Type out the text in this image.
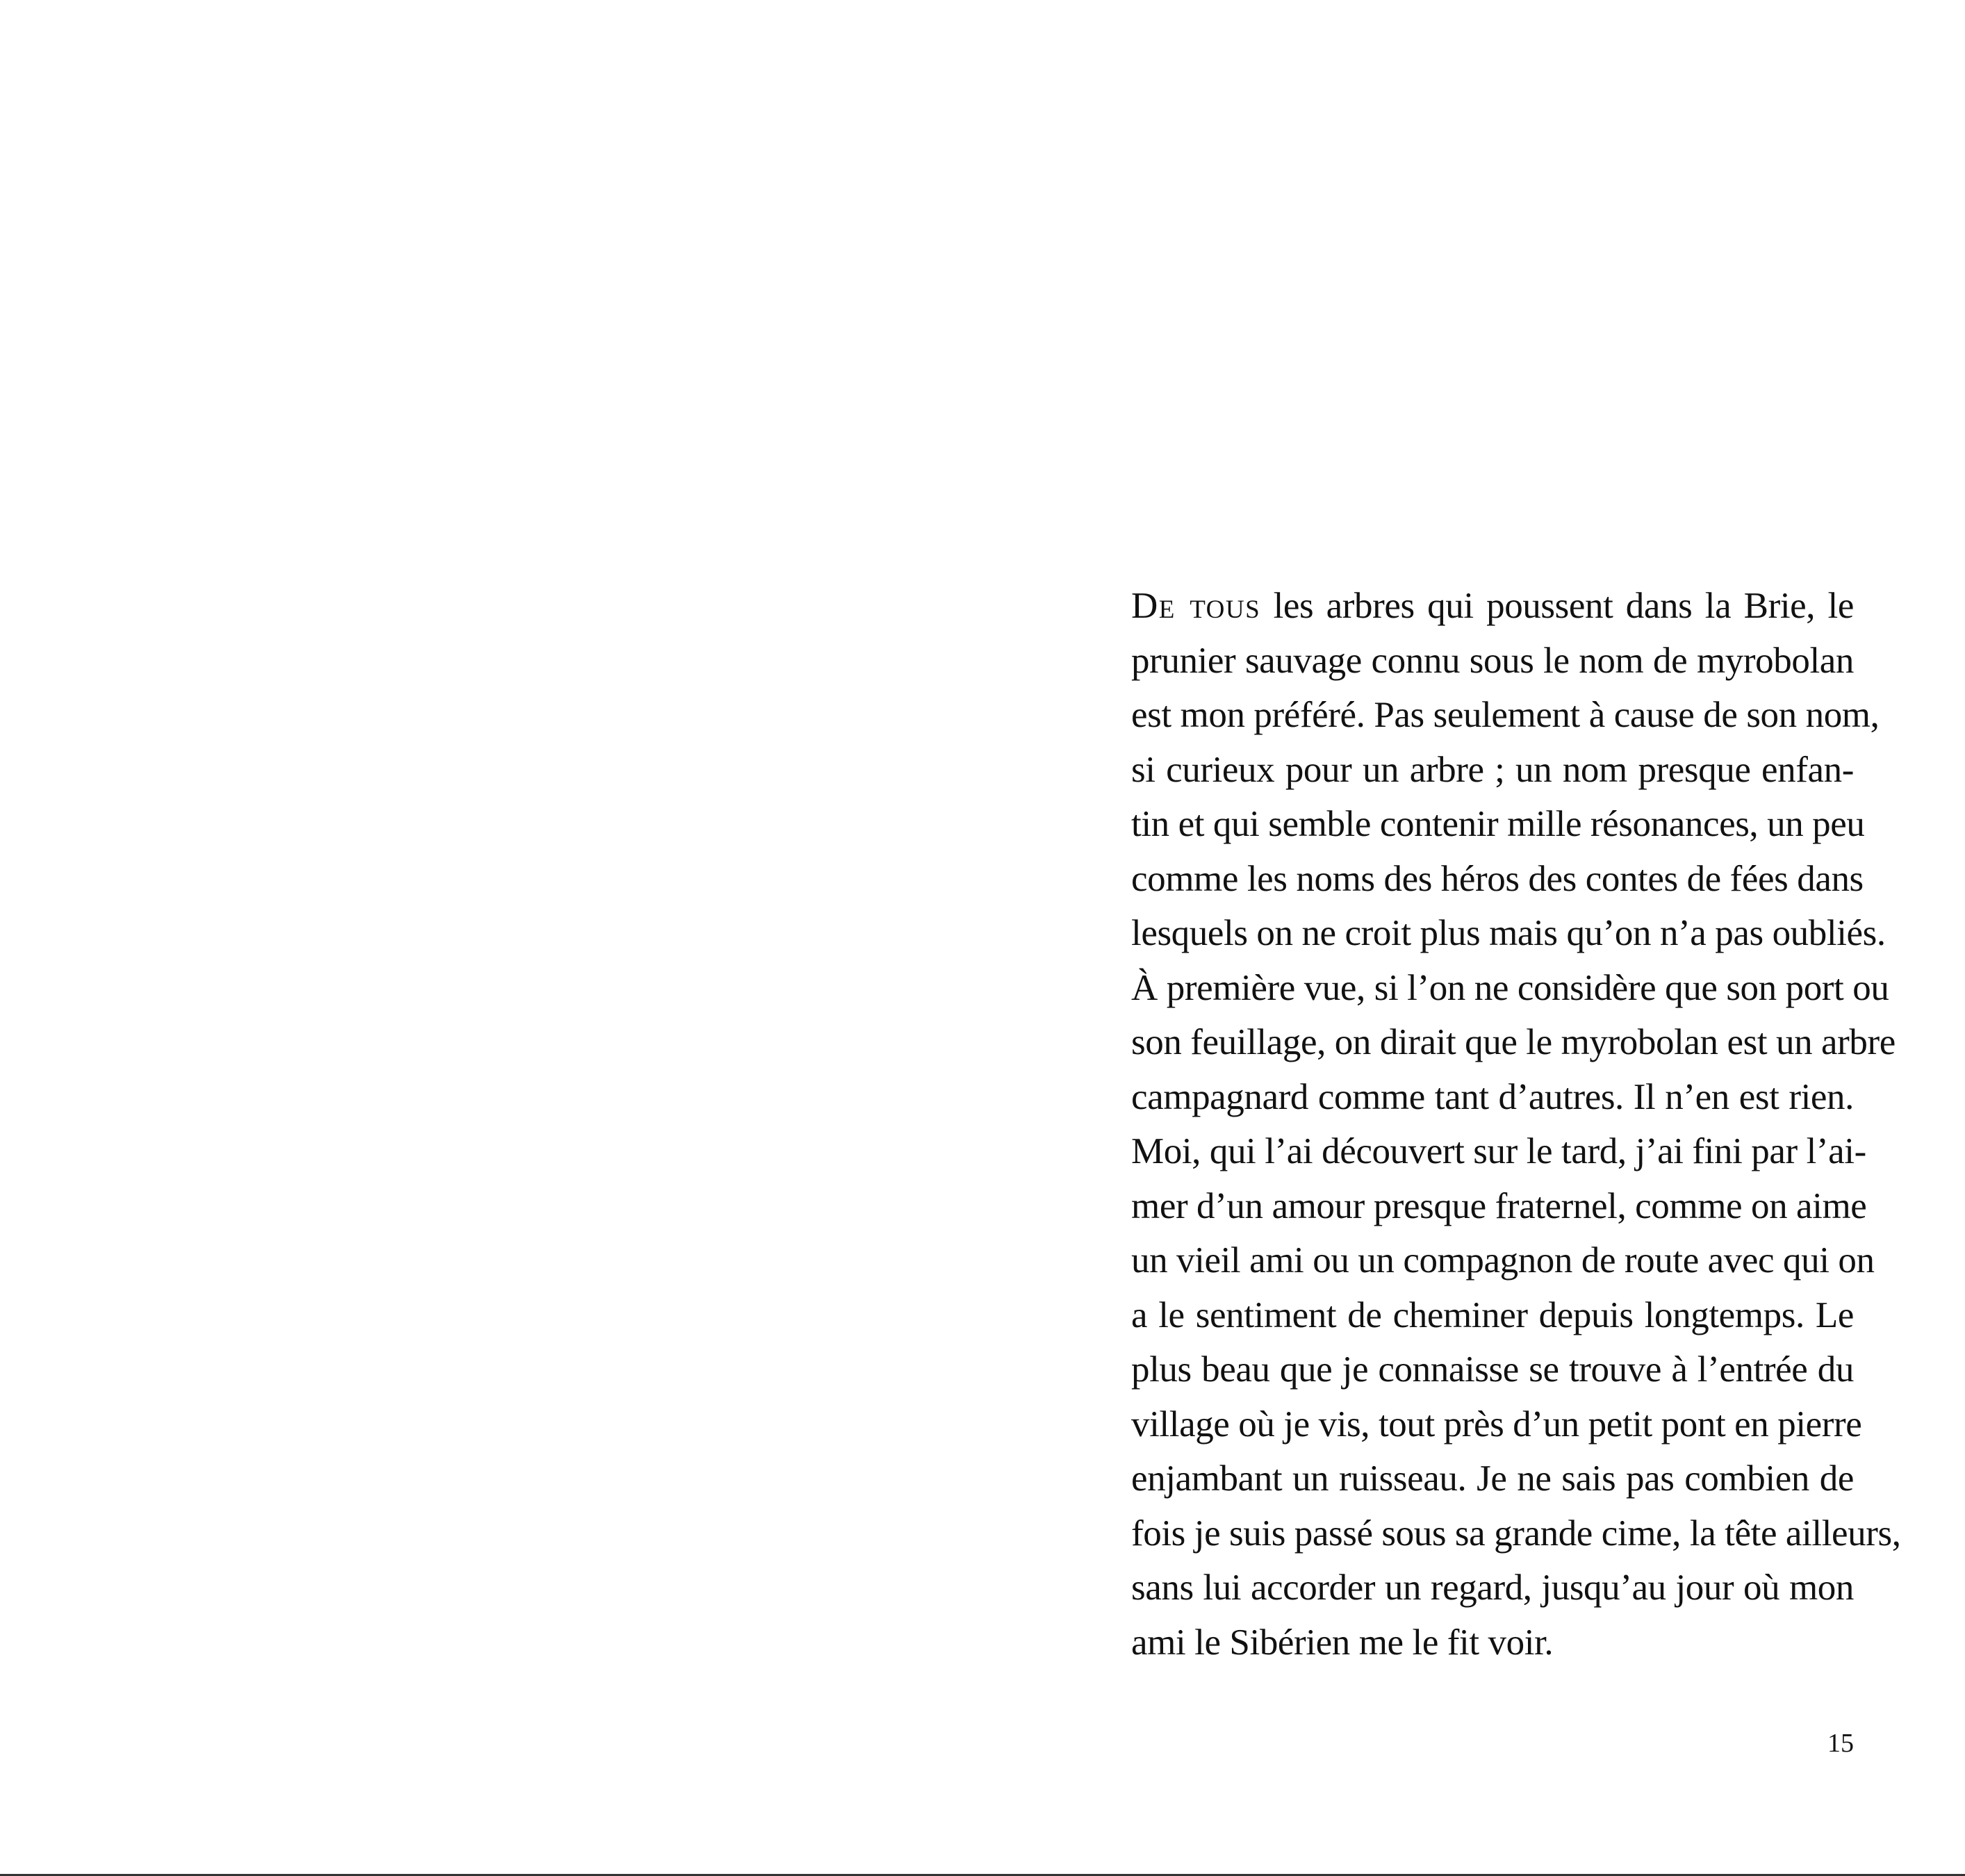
De tous les arbres qui poussent dans la Brie, le
prunier sauvage connu sous le nom de myrobolan
est mon préféré. Pas seulement à cause de son nom,
si curieux pour un arbre ; un nom presque enfan-
tin et qui semble contenir mille résonances, un peu
comme les noms des héros des contes de fées dans
lesquels on ne croit plus mais qu’on n’a pas oubliés.
À première vue, si l’on ne considère que son port ou
son feuillage, on dirait que le myrobolan est un arbre
campagnard comme tant d’autres. Il n’en est rien.
Moi, qui l’ai découvert sur le tard, j’ai fini par l’ai-
mer d’un amour presque fraternel, comme on aime
un vieil ami ou un compagnon de route avec qui on
a le sentiment de cheminer depuis longtemps. Le
plus beau que je connaisse se trouve à l’entrée du
village où je vis, tout près d’un petit pont en pierre
enjambant un ruisseau. Je ne sais pas combien de
fois je suis passé sous sa grande cime, la tête ailleurs,
sans lui accorder un regard, jusqu’au jour où mon
ami le Sibérien me le fit voir.
15
